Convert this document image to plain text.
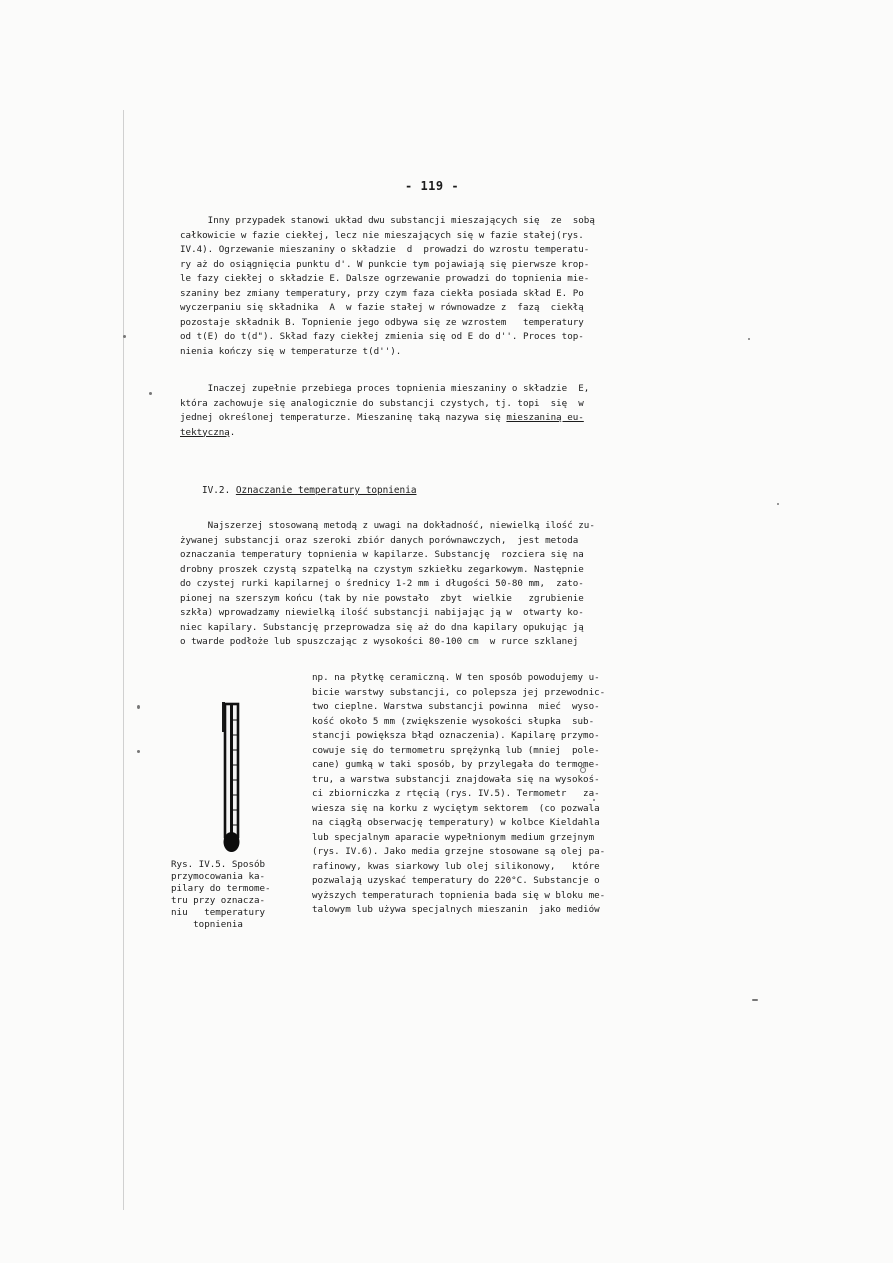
- 119 -
Inny przypadek stanowi układ dwu substancji mieszających się  ze  sobą
całkowicie w fazie ciekłej, lecz nie mieszających się w fazie stałej(rys.
IV.4). Ogrzewanie mieszaniny o składzie  d  prowadzi do wzrostu temperatu-
ry aż do osiągnięcia punktu d'. W punkcie tym pojawiają się pierwsze krop-
le fazy ciekłej o składzie E. Dalsze ogrzewanie prowadzi do topnienia mie-
szaniny bez zmiany temperatury, przy czym faza ciekła posiada skład E. Po
wyczerpaniu się składnika  A  w fazie stałej w równowadze z  fazą  ciekłą
pozostaje składnik B. Topnienie jego odbywa się ze wzrostem   temperatury
od t(E) do t(d"). Skład fazy ciekłej zmienia się od E do d''. Proces top-
nienia kończy się w temperaturze t(d'').
Inaczej zupełnie przebiega proces topnienia mieszaniny o składzie  E,
która zachowuje się analogicznie do substancji czystych, tj. topi  się  w
jednej określonej temperaturze. Mieszaninę taką nazywa się mieszaniną eu-
tektyczną.
IV.2. Oznaczanie temperatury topnienia
Najszerzej stosowaną metodą z uwagi na dokładność, niewielką ilość zu-
żywanej substancji oraz szeroki zbiór danych porównawczych,  jest metoda
oznaczania temperatury topnienia w kapilarze. Substancję  rozciera się na
drobny proszek czystą szpatelką na czystym szkiełku zegarkowym. Następnie
do czystej rurki kapilarnej o średnicy 1-2 mm i długości 50-80 mm,  zato-
pionej na szerszym końcu (tak by nie powstało  zbyt  wielkie   zgrubienie
szkła) wprowadzamy niewielką ilość substancji nabijając ją w  otwarty ko-
niec kapilary. Substancję przeprowadza się aż do dna kapilary opukując ją
o twarde podłoże lub spuszczając z wysokości 80-100 cm  w rurce szklanej
np. na płytkę ceramiczną. W ten sposób powodujemy u-
bicie warstwy substancji, co polepsza jej przewodnic-
two cieplne. Warstwa substancji powinna  mieć  wyso-
kość około 5 mm (zwiększenie wysokości słupka  sub-
stancji powiększa błąd oznaczenia). Kapilarę przymo-
cowuje się do termometru sprężynką lub (mniej  pole-
cane) gumką w taki sposób, by przylegała do termome-
tru, a warstwa substancji znajdowała się na wysokoś-
ci zbiorniczka z rtęcią (rys. IV.5). Termometr   za-
wiesza się na korku z wyciętym sektorem  (co pozwala
na ciągłą obserwację temperatury) w kolbce Kieldahla
lub specjalnym aparacie wypełnionym medium grzejnym
(rys. IV.6). Jako media grzejne stosowane są olej pa-
rafinowy, kwas siarkowy lub olej silikonowy,   które
pozwalają uzyskać temperatury do 220°C. Substancje o
wyższych temperaturach topnienia bada się w bloku me-
talowym lub używa specjalnych mieszanin  jako mediów
Rys. IV.5. Sposób
przymocowania ka-
pilary do termome-
tru przy oznacza-
niu   temperatury
topnienia
